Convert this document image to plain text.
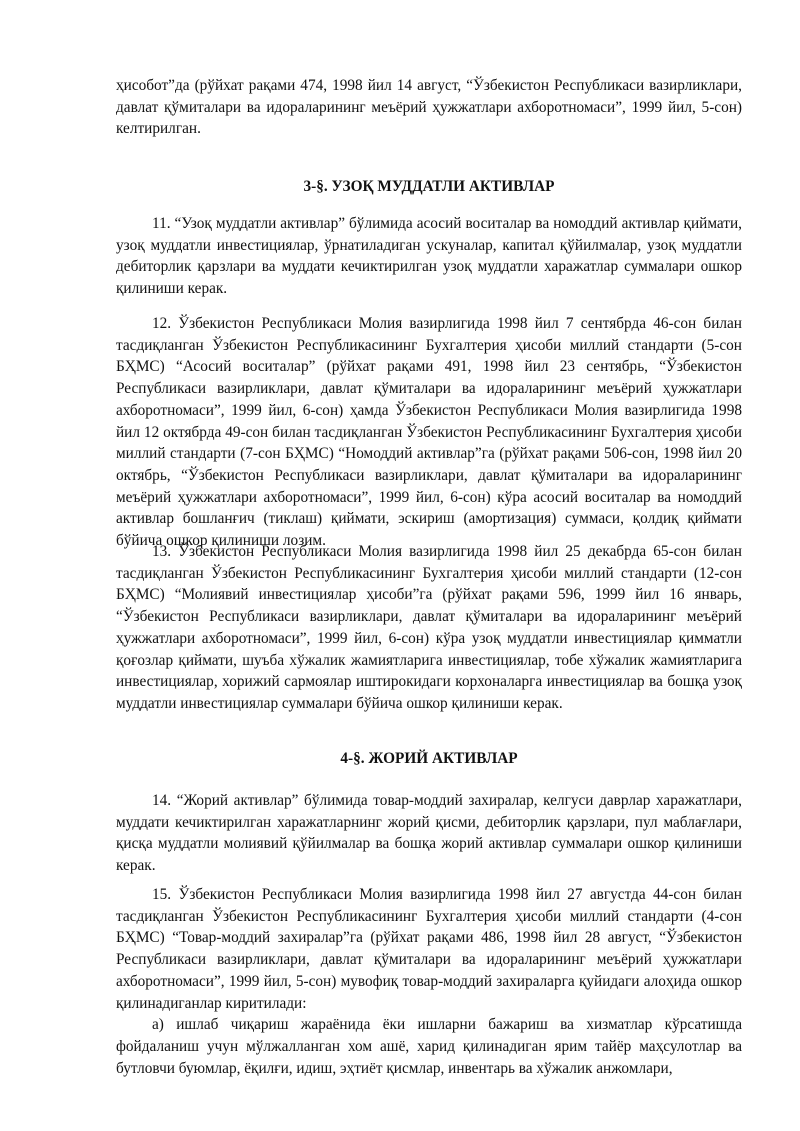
ҳисобот”да (рўйхат рақами 474, 1998 йил 14 август, “Ўзбекистон Республикаси вазирликлари, давлат қўмиталари ва идораларининг меъёрий ҳужжатлари ахборотномаси”, 1999 йил, 5-сон) келтирилган.

3-§. УЗОҚ МУДДАТЛИ АКТИВЛАР

11. “Узоқ муддатли активлар” бўлимида асосий воситалар ва номоддий активлар қиймати, узоқ муддатли инвестициялар, ўрнатиладиган ускуналар, капитал қўйилмалар, узоқ муддатли дебиторлик қарзлари ва муддати кечиктирилган узоқ муддатли харажатлар суммалари ошкор қилиниши керак.

12. Ўзбекистон Республикаси Молия вазирлигида 1998 йил 7 сентябрда 46-сон билан тасдиқланган Ўзбекистон Республикасининг Бухгалтерия ҳисоби миллий стандарти (5-сон БҲМС) “Асосий воситалар” (рўйхат рақами 491, 1998 йил 23 сентябрь, “Ўзбекистон Республикаси вазирликлари, давлат қўмиталари ва идораларининг меъёрий ҳужжатлари ахборотномаси”, 1999 йил, 6-сон) ҳамда Ўзбекистон Республикаси Молия вазирлигида 1998 йил 12 октябрда 49-сон билан тасдиқланган Ўзбекистон Республикасининг Бухгалтерия ҳисоби миллий стандарти (7-сон БҲМС) “Номоддий активлар”га (рўйхат рақами 506-сон, 1998 йил 20 октябрь, “Ўзбекистон Республикаси вазирликлари, давлат қўмиталари ва идораларининг меъёрий ҳужжатлари ахборотномаси”, 1999 йил, 6-сон) кўра асосий воситалар ва номоддий активлар бошланғич (тиклаш) қиймати, эскириш (амортизация) суммаси, қолдиқ қиймати бўйича ошкор қилиниши лозим.

13. Ўзбекистон Республикаси Молия вазирлигида 1998 йил 25 декабрда 65-сон билан тасдиқланган Ўзбекистон Республикасининг Бухгалтерия ҳисоби миллий стандарти (12-сон БҲМС) “Молиявий инвестициялар ҳисоби”га (рўйхат рақами 596, 1999 йил 16 январь, “Ўзбекистон Республикаси вазирликлари, давлат қўмиталари ва идораларининг меъёрий ҳужжатлари ахборотномаси”, 1999 йил, 6-сон) кўра узоқ муддатли инвестициялар қимматли қоғозлар қиймати, шуъба хўжалик жамиятларига инвестициялар, тобе хўжалик жамиятларига инвестициялар, хорижий сармоялар иштирокидаги корхоналарга инвестициялар ва бошқа узоқ муддатли инвестициялар суммалари бўйича ошкор қилиниши керак.

4-§. ЖОРИЙ АКТИВЛАР

14. “Жорий активлар” бўлимида товар-моддий захиралар, келгуси даврлар харажатлари, муддати кечиктирилган харажатларнинг жорий қисми, дебиторлик қарзлари, пул маблағлари, қисқа муддатли молиявий қўйилмалар ва бошқа жорий активлар суммалари ошкор қилиниши керак.

15. Ўзбекистон Республикаси Молия вазирлигида 1998 йил 27 августда 44-сон билан тасдиқланган Ўзбекистон Республикасининг Бухгалтерия ҳисоби миллий стандарти (4-сон БҲМС) “Товар-моддий захиралар”га (рўйхат рақами 486, 1998 йил 28 август, “Ўзбекистон Республикаси вазирликлари, давлат қўмиталари ва идораларининг меъёрий ҳужжатлари ахборотномаси”, 1999 йил, 5-сон) мувофиқ товар-моддий захираларга қуйидаги алоҳида ошкор қилинадиганлар киритилади:

а) ишлаб чиқариш жараёнида ёки ишларни бажариш ва хизматлар кўрсатишда фойдаланиш учун мўлжалланган хом ашё, харид қилинадиган ярим тайёр маҳсулотлар ва бутловчи буюмлар, ёқилғи, идиш, эҳтиёт қисмлар, инвентарь ва хўжалик анжомлари,
